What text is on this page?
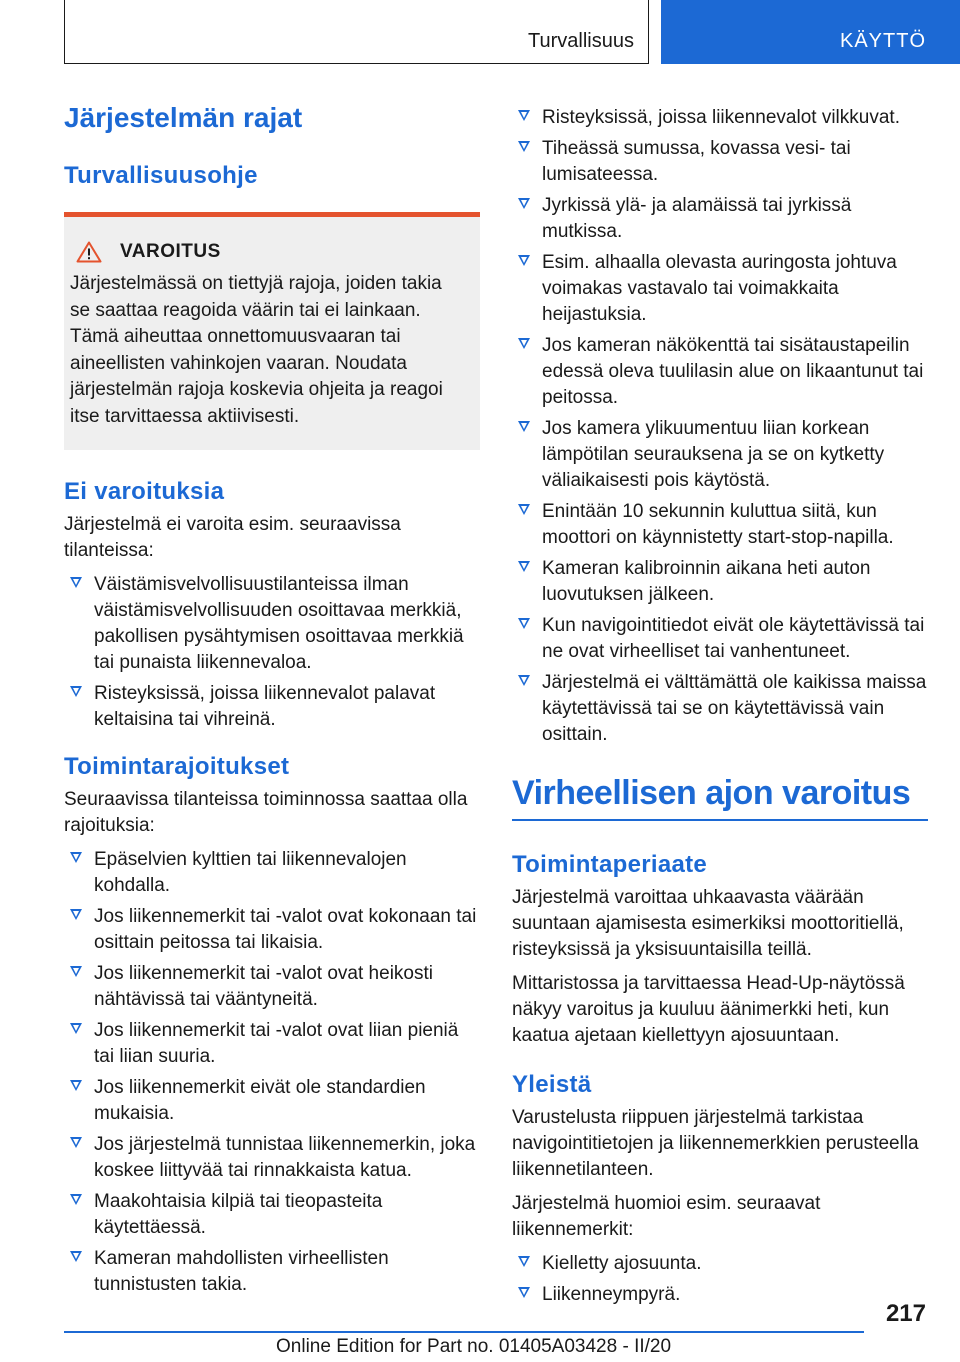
Turvallisuus	KÄYTTÖ
Järjestelmän rajat
Turvallisuusohje
VAROITUS

Järjestelmässä on tiettyjä rajoja, joiden takia se saattaa reagoida väärin tai ei lainkaan. Tämä aiheuttaa onnettomuusvaaran tai aineellisten vahinkojen vaaran. Noudata järjestelmän rajoja koskevia ohjeita ja reagoi itse tarvittaessa aktiivisesti.

Ei varoituksia

Järjestelmä ei varoita esim. seuraavissa tilanteissa:

Väistämisvelvollisuustilanteissa ilman väistämisvelvollisuuden osoittavaa merkkiä, pakollisen pysähtymisen osoittavaa merkkiä tai punaista liikennevaloa.
Risteyksissä, joissa liikennevalot palavat keltaisina tai vihreinä.
Toimintarajoitukset

Seuraavissa tilanteissa toiminnossa saattaa olla rajoituksia:

Epäselvien kylttien tai liikennevalojen kohdalla.
Jos liikennemerkit tai -valot ovat kokonaan tai osittain peitossa tai likaisia.
Jos liikennemerkit tai -valot ovat heikosti nähtävissä tai vääntyneitä.
Jos liikennemerkit tai -valot ovat liian pieniä tai liian suuria.
Jos liikennemerkit eivät ole standardien mukaisia.
Jos järjestelmä tunnistaa liikennemerkin, joka koskee liittyvää tai rinnakkaista katua.
Maakohtaisia kilpiä tai tieopasteita käytettäessä.
Kameran mahdollisten virheellisten tunnistusten takia.
Risteyksissä, joissa liikennevalot vilkkuvat.
Tiheässä sumussa, kovassa vesi- tai lumisateessa.
Jyrkissä ylä- ja alamäissä tai jyrkissä mutkissa.
Esim. alhaalla olevasta auringosta johtuva voimakas vastavalo tai voimakkaita heijastuksia.
Jos kameran näkökenttä tai sisätaustapeilin edessä oleva tuulilasin alue on likaantunut tai peitossa.
Jos kamera ylikuumentuu liian korkean lämpötilan seurauksena ja se on kytketty väliaikaisesti pois käytöstä.
Enintään 10 sekunnin kuluttua siitä, kun moottori on käynnistetty start-stop-napilla.
Kameran kalibroinnin aikana heti auton luovutuksen jälkeen.
Kun navigointitiedot eivät ole käytettävissä tai ne ovat virheelliset tai vanhentuneet.
Järjestelmä ei välttämättä ole kaikissa maissa käytettävissä tai se on käytettävissä vain osittain.
Virheellisen ajon varoitus
Toimintaperiaate

Järjestelmä varoittaa uhkaavasta väärään suuntaan ajamisesta esimerkiksi moottoritiellä, risteyksissä ja yksisuuntaisilla teillä.

Mittaristossa ja tarvittaessa Head-Up-näytössä näkyy varoitus ja kuuluu äänimerkki heti, kun kaatua ajetaan kiellettyyn ajosuuntaan.

Yleistä

Varustelusta riippuen järjestelmä tarkistaa navigointitietojen ja liikennemerkkien perusteella liikennetilanteen.

Järjestelmä huomioi esim. seuraavat liikennemerkit:

Kielletty ajosuunta.
Liikenneympyrä.
217
Online Edition for Part no. 01405A03428 - II/20
